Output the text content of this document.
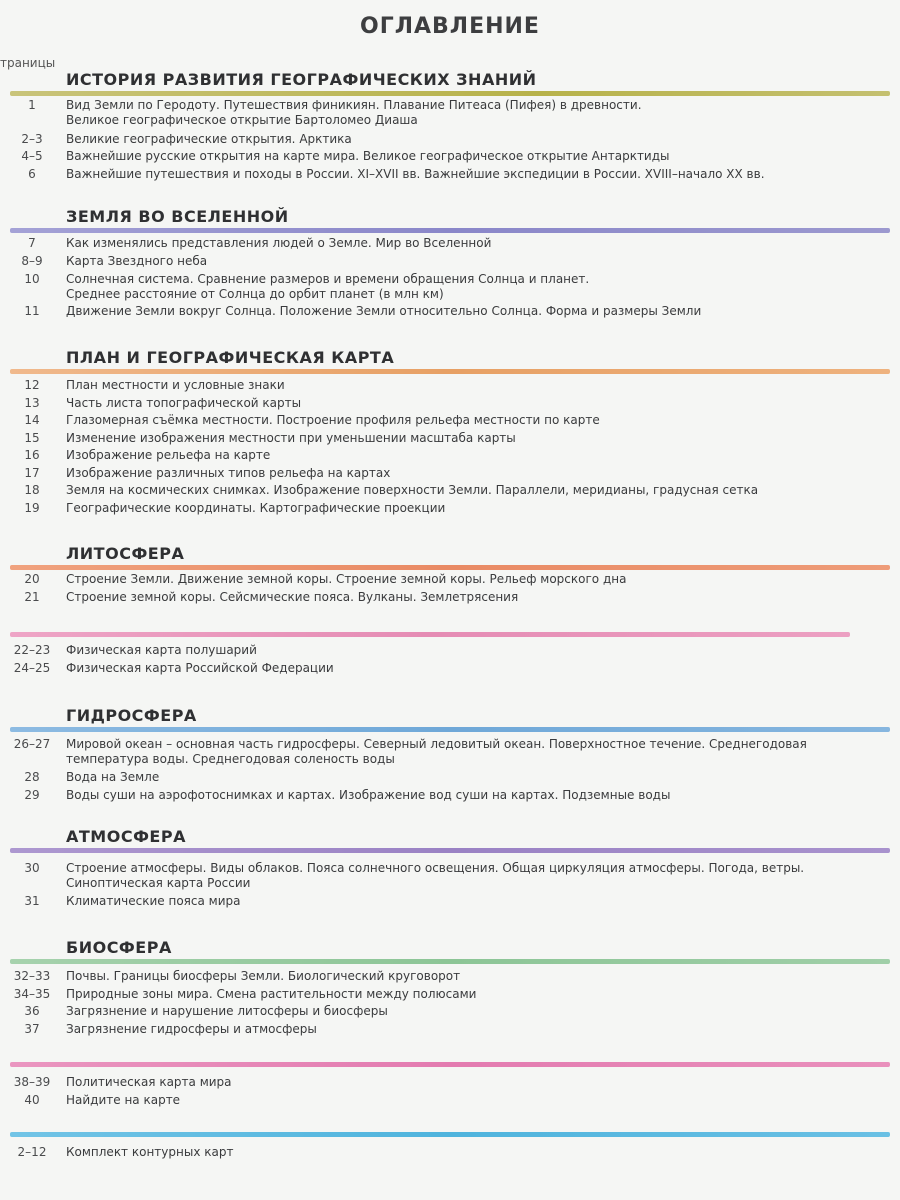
ОГЛАВЛЕНИЕ
траницы
ИСТОРИЯ РАЗВИТИЯ ГЕОГРАФИЧЕСКИХ ЗНАНИЙ
1	Вид Земли по Геродоту. Путешествия финикиян. Плавание Питеаса (Пифея) в древности.
Великое географическое открытие Бартоломео Диаша
2–3	Великие географические открытия. Арктика
4–5	Важнейшие русские открытия на карте мира. Великое географическое открытие Антарктиды
6	Важнейшие путешествия и походы в России. XI–XVII вв. Важнейшие экспедиции в России. XVIII–начало XX вв.
ЗЕМЛЯ ВО ВСЕЛЕННОЙ
7	Как изменялись представления людей о Земле. Мир во Вселенной
8–9	Карта Звездного неба
10	Солнечная система. Сравнение размеров и времени обращения Солнца и планет.
Среднее расстояние от Солнца до орбит планет (в млн км)
11	Движение Земли вокруг Солнца. Положение Земли относительно Солнца. Форма и размеры Земли
ПЛАН И ГЕОГРАФИЧЕСКАЯ КАРТА
12	План местности и условные знаки
13	Часть листа топографической карты
14	Глазомерная съёмка местности. Построение профиля рельефа местности по карте
15	Изменение изображения местности при уменьшении масштаба карты
16	Изображение рельефа на карте
17	Изображение различных типов рельефа на картах
18	Земля на космических снимках. Изображение поверхности Земли. Параллели, меридианы, градусная сетка
19	Географические координаты. Картографические проекции
ЛИТОСФЕРА
20	Строение Земли. Движение земной коры. Строение земной коры. Рельеф морского дна
21	Строение земной коры. Сейсмические пояса. Вулканы. Землетрясения
22–23	Физическая карта полушарий
24–25	Физическая карта Российской Федерации
ГИДРОСФЕРА
26–27	Мировой океан – основная часть гидросферы. Северный ледовитый океан. Поверхностное течение. Среднегодовая
температура воды. Среднегодовая соленость воды
28	Вода на Земле
29	Воды суши на аэрофотоснимках и картах. Изображение вод суши на картах. Подземные воды
АТМОСФЕРА
30	Строение атмосферы. Виды облаков. Пояса солнечного освещения. Общая циркуляция атмосферы. Погода, ветры.
Синоптическая карта России
31	Климатические пояса мира
БИОСФЕРА
32–33	Почвы. Границы биосферы Земли. Биологический круговорот
34–35	Природные зоны мира. Смена растительности между полюсами
36	Загрязнение и нарушение литосферы и биосферы
37	Загрязнение гидросферы и атмосферы
38–39	Политическая карта мира
40	Найдите на карте
2–12	Комплект контурных карт
